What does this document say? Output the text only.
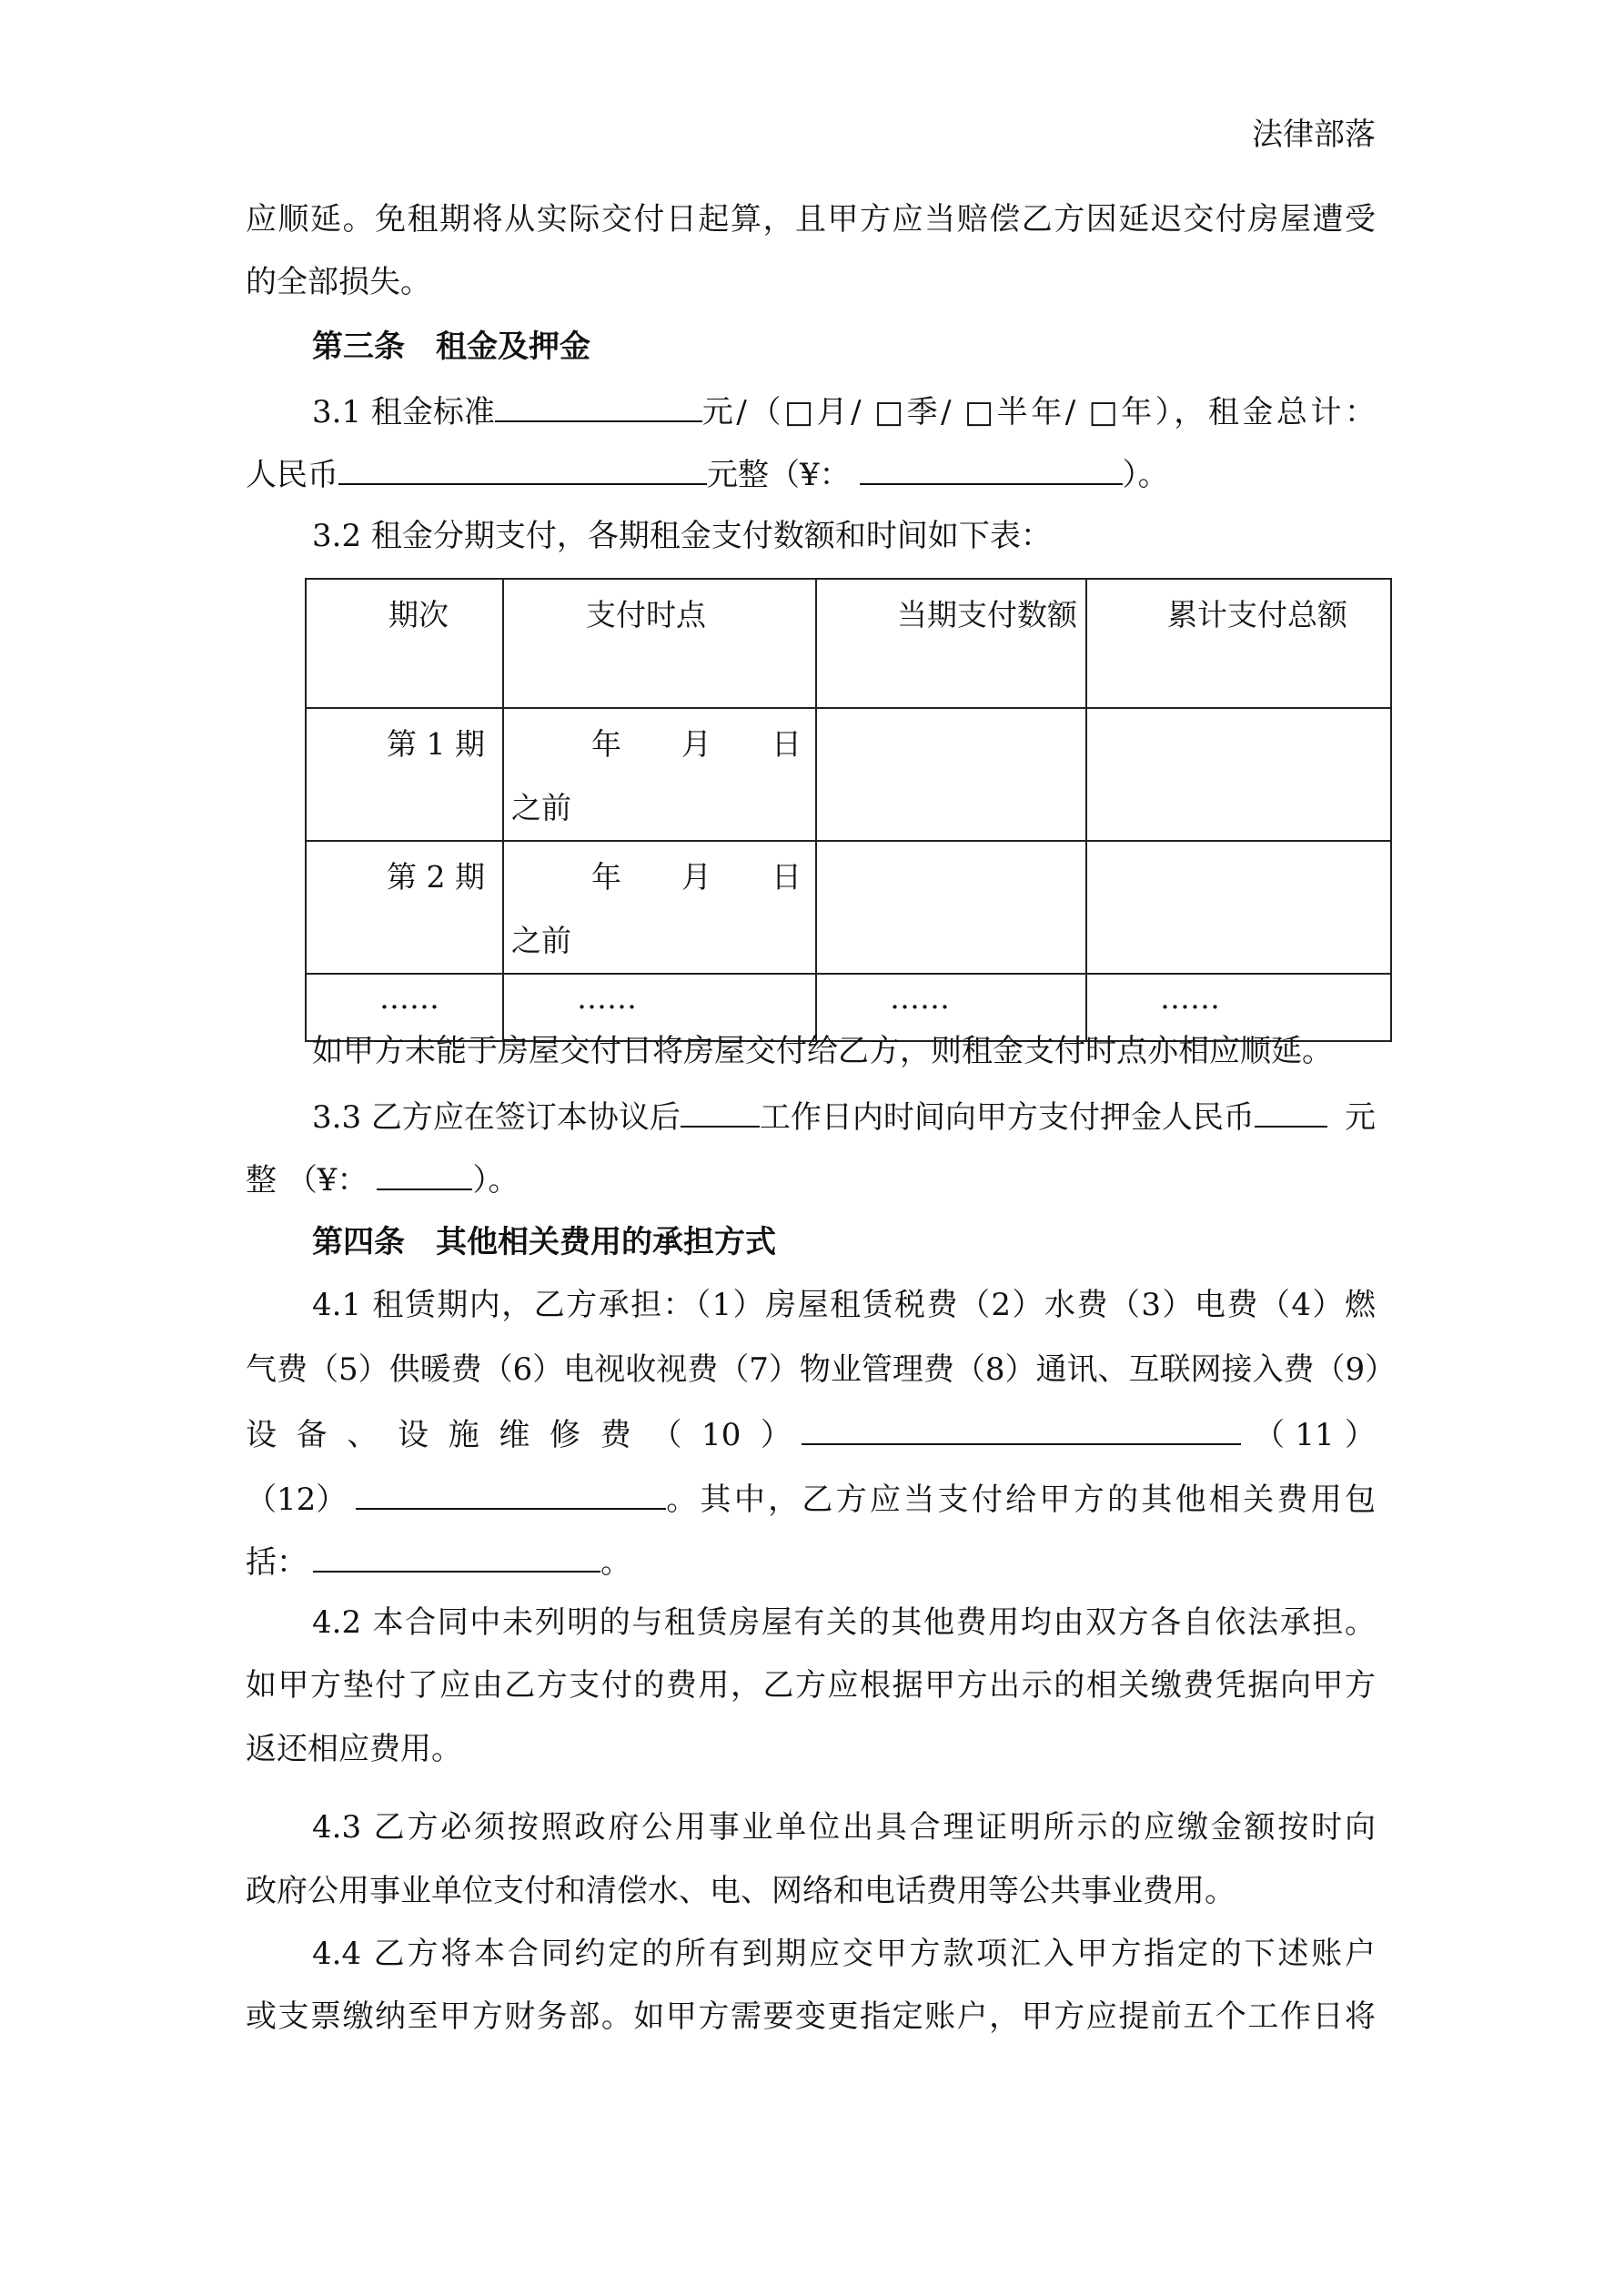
法律部落
应顺延。免租期将从实际交付日起算，且甲方应当赔偿乙方因延迟交付房屋遭受
的全部损失。
第三条　租金及押金
3.1 租金标准	元/（□月/ □季/ □半年/ □年），租金总计：
人民币	元整（¥：	）。
3.2 租金分期支付，各期租金支付数额和时间如下表：
期次	支付时点	当期支付数额	累计支付总额
第 1 期	年　　月　　日之前		
第 2 期	年　　月　　日之前		
……	……	……	……
如甲方未能于房屋交付日将房屋交付给乙方，则租金支付时点亦相应顺延。
3.3 乙方应在签订本协议后	工作日内时间向甲方支付押金人民币	元
整 （¥：	）。
第四条　其他相关费用的承担方式
4.1 租赁期内，乙方承担：（1）房屋租赁税费（2）水费（3）电费（4）燃
气费（5）供暖费（6）电视收视费（7）物业管理费（8）通讯、互联网接入费（9）
设备、设施维修费（10）	（11）
（12）	。其中，乙方应当支付给甲方的其他相关费用包
括：	。
4.2 本合同中未列明的与租赁房屋有关的其他费用均由双方各自依法承担。
如甲方垫付了应由乙方支付的费用，乙方应根据甲方出示的相关缴费凭据向甲方
返还相应费用。
4.3 乙方必须按照政府公用事业单位出具合理证明所示的应缴金额按时向
政府公用事业单位支付和清偿水、电、网络和电话费用等公共事业费用。
4.4 乙方将本合同约定的所有到期应交甲方款项汇入甲方指定的下述账户
或支票缴纳至甲方财务部。如甲方需要变更指定账户，甲方应提前五个工作日将
